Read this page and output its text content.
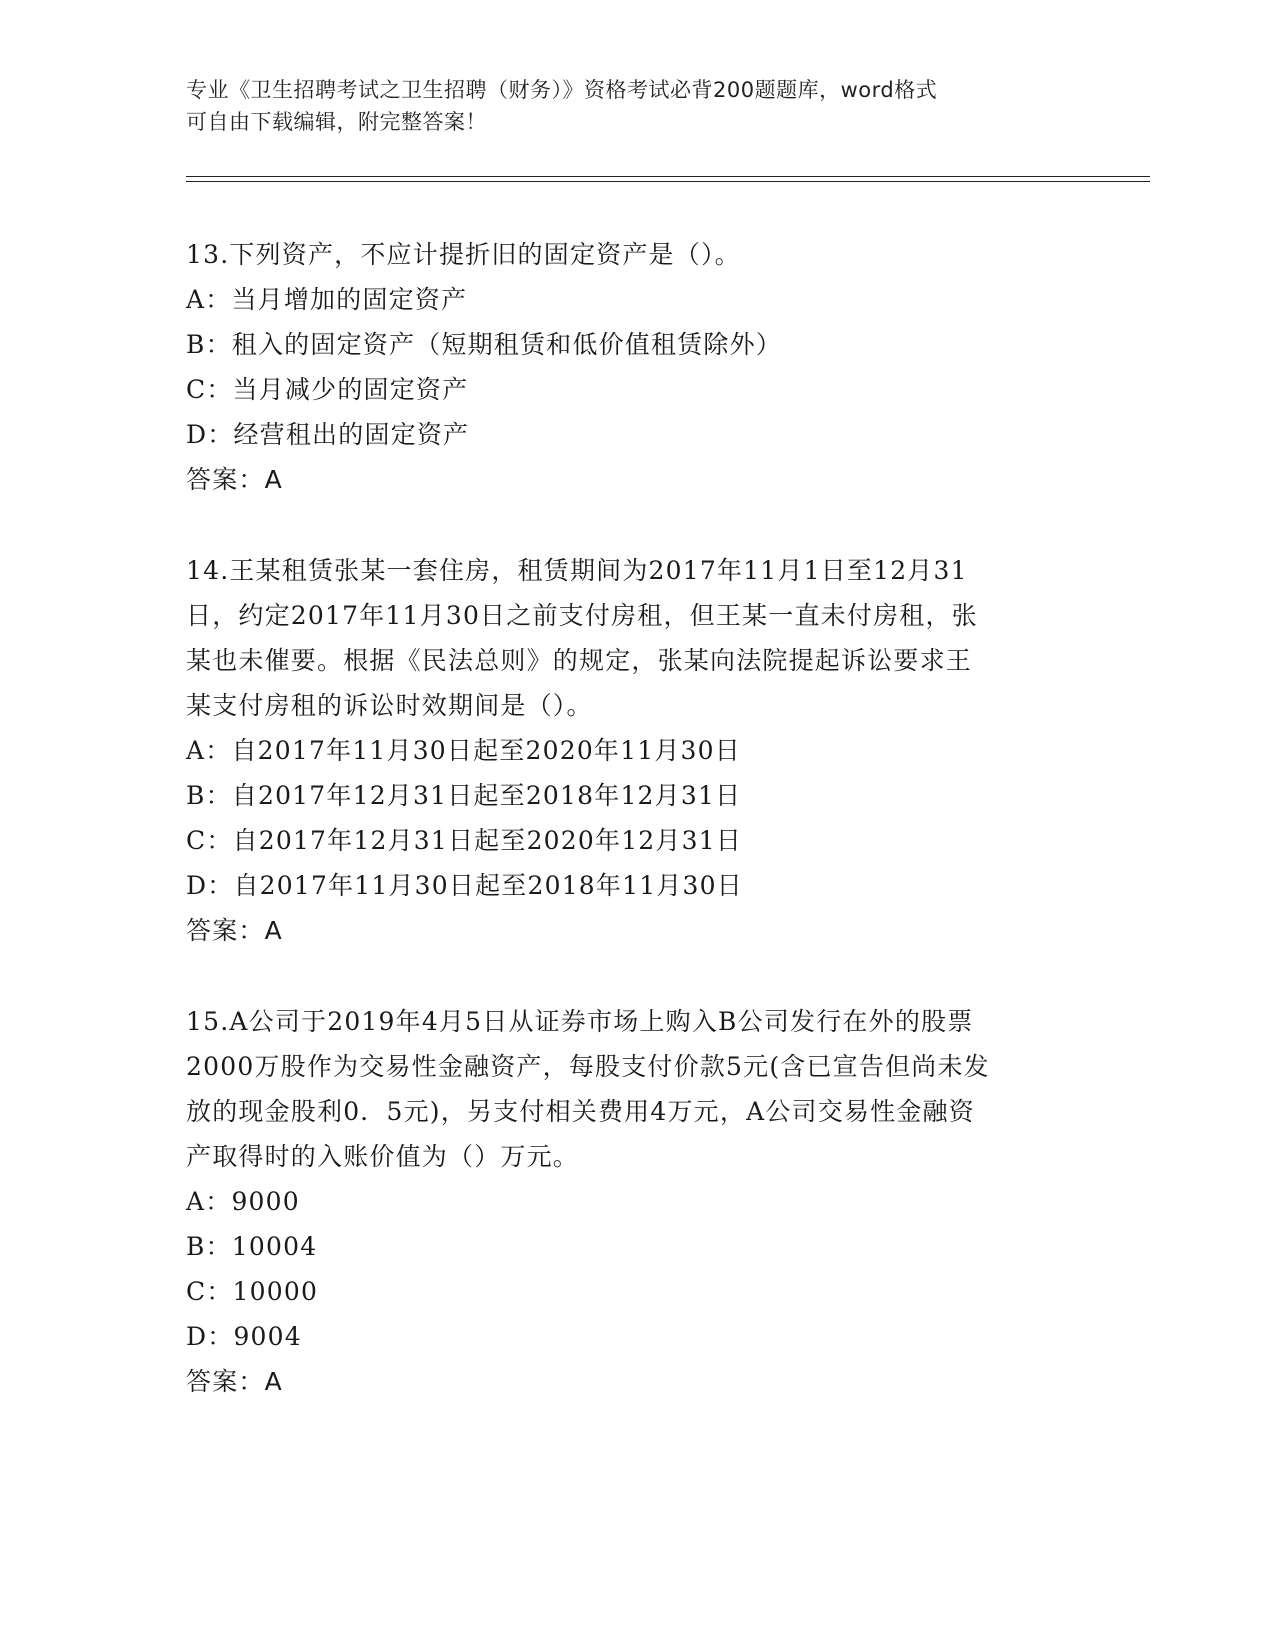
专业《卫生招聘考试之卫生招聘（财务）》资格考试必背200题题库，word格式
可自由下载编辑，附完整答案！
13.下列资产，不应计提折旧的固定资产是（）。
A：当月增加的固定资产
B：租入的固定资产（短期租赁和低价值租赁除外）
C：当月减少的固定资产
D：经营租出的固定资产
答案：A
14.王某租赁张某一套住房，租赁期间为2017年11月1日至12月31
日，约定2017年11月30日之前支付房租，但王某一直未付房租，张
某也未催要。根据《民法总则》的规定，张某向法院提起诉讼要求王
某支付房租的诉讼时效期间是（）。
A：自2017年11月30日起至2020年11月30日
B：自2017年12月31日起至2018年12月31日
C：自2017年12月31日起至2020年12月31日
D：自2017年11月30日起至2018年11月30日
答案：A
15.A公司于2019年4月5日从证券市场上购入B公司发行在外的股票
2000万股作为交易性金融资产，每股支付价款5元(含已宣告但尚未发
放的现金股利0．5元)，另支付相关费用4万元，A公司交易性金融资
产取得时的入账价值为（）万元。
A：9000
B：10004
C：10000
D：9004
答案：A
